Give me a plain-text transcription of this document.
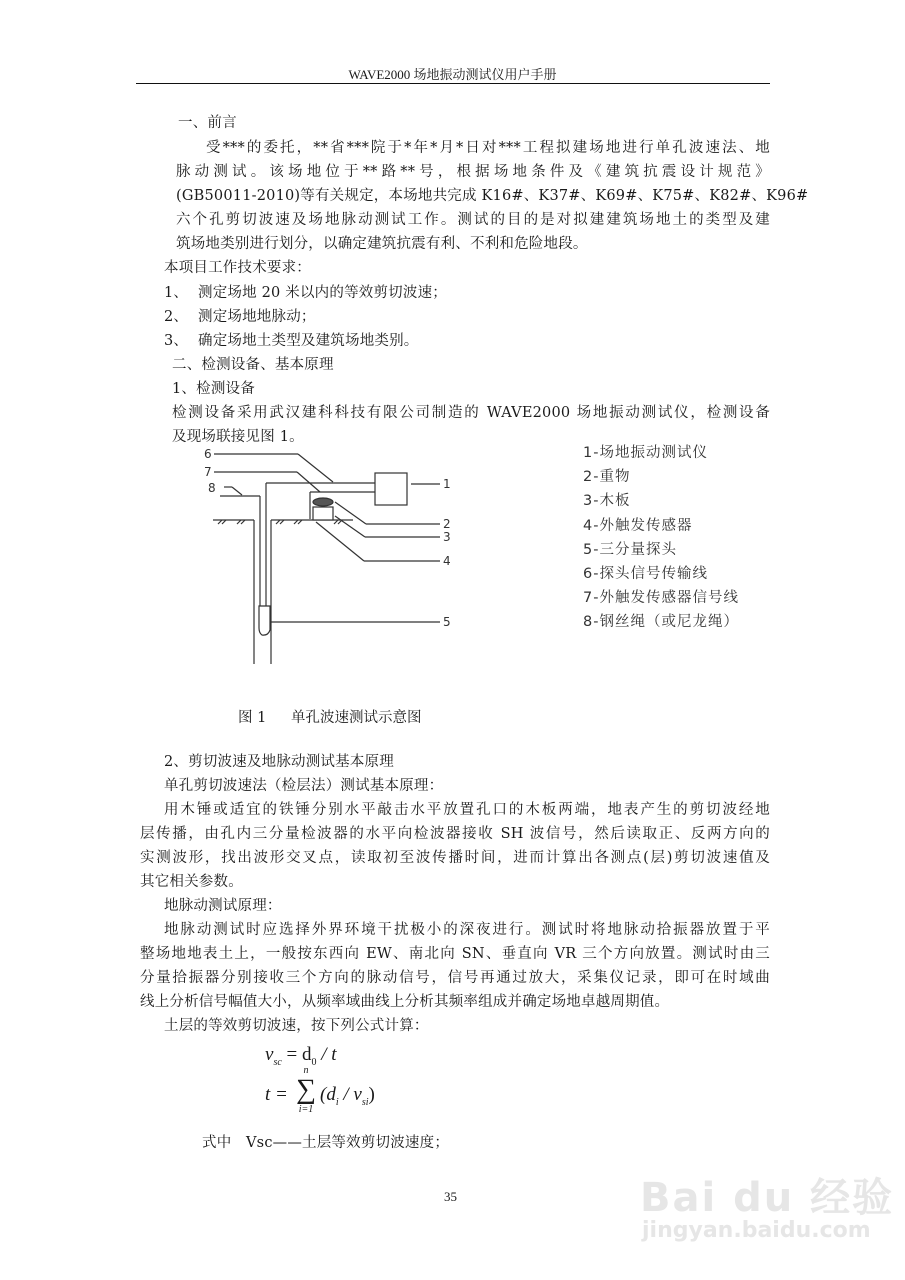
WAVE2000 场地振动测试仪用户手册
一、前言
受***的委托，**省***院于*年*月*日对***工程拟建场地进行单孔波速法、地
脉动测试。该场地位于**路**号，根据场地条件及《建筑抗震设计规范》
(GB50011-2010)等有关规定，本场地共完成 K16#、K37#、K69#、K75#、K82#、K96#
六个孔剪切波速及场地脉动测试工作。测试的目的是对拟建建筑场地土的类型及建
筑场地类别进行划分，以确定建筑抗震有利、不利和危险地段。
本项目工作技术要求：
1、 测定场地 20 米以内的等效剪切波速；
2、 测定场地地脉动；
3、 确定场地土类型及建筑场地类别。
二、检测设备、基本原理
1、检测设备
检测设备采用武汉建科科技有限公司制造的 WAVE2000 场地振动测试仪，检测设备
及现场联接见图 1。
1
2
3
4
5
6
7
8
1-场地振动测试仪
2-重物
3-木板
4-外触发传感器
5-三分量探头
6-探头信号传输线
7-外触发传感器信号线
8-钢丝绳（或尼龙绳）
图 1 单孔波速测试示意图
2、剪切波速及地脉动测试基本原理
单孔剪切波速法（检层法）测试基本原理：
用木锤或适宜的铁锤分别水平敲击水平放置孔口的木板两端，地表产生的剪切波经地
层传播，由孔内三分量检波器的水平向检波器接收 SH 波信号，然后读取正、反两方向的
实测波形，找出波形交叉点，读取初至波传播时间，进而计算出各测点(层)剪切波速值及
其它相关参数。
地脉动测试原理：
地脉动测试时应选择外界环境干扰极小的深夜进行。测试时将地脉动拾振器放置于平
整场地地表土上，一般按东西向 EW、南北向 SN、垂直向 VR 三个方向放置。测试时由三
分量拾振器分别接收三个方向的脉动信号，信号再通过放大，采集仪记录，即可在时域曲
线上分析信号幅值大小，从频率域曲线上分析其频率组成并确定场地卓越周期值。
土层的等效剪切波速，按下列公式计算：
$v_{sc} = d_0 / t$
t =
n
∑
i=1
$(d_i / v_{si})$
式中 Vsc——土层等效剪切波速度；
35	Bai du 经验
jingyan.baidu.com
